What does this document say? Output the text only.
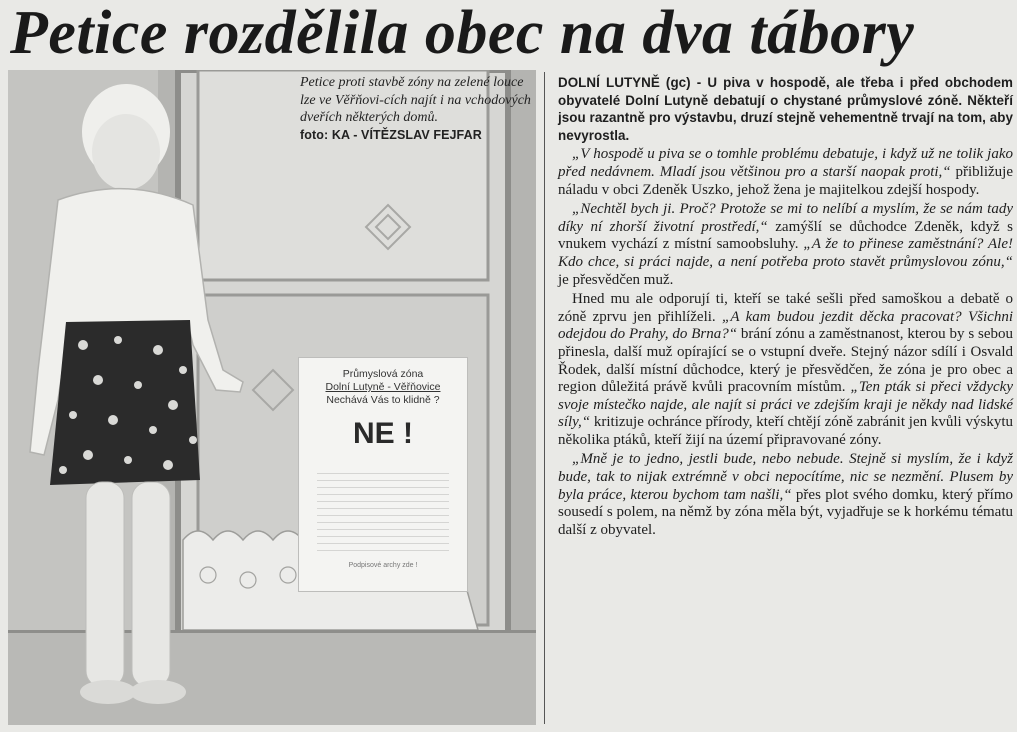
Petice rozdělila obec na dva tábory
Průmyslová zóna
Dolní Lutyně - Věřňovice
Nechává Vás to klidně ?
NE !
Podpisové archy zde !
Petice proti stavbě zóny na zelené louce lze ve Věřňovi-cích najít i na vchodových dveřích některých domů.
foto: KA - VÍTĚZSLAV FEJFAR

DOLNÍ LUTYNĚ (gc) - U piva v hospodě, ale třeba i před obchodem obyvatelé Dolní Lutyně debatují o chystané průmyslové zóně. Někteří jsou razantně pro výstavbu, druzí stejně vehementně trvají na tom, aby nevyrostla.

„V hospodě u piva se o tomhle problému debatuje, i když už ne tolik jako před nedávnem. Mladí jsou většinou pro a starší naopak proti,“ přibližuje náladu v obci Zdeněk Uszko, jehož žena je majitelkou zdejší hospody.

„Nechtěl bych ji. Proč? Protože se mi to nelíbí a myslím, že se nám tady díky ní zhorší životní prostředí,“ zamýšlí se důchodce Zdeněk, když s vnukem vychází z místní samoobsluhy. „A že to přinese zaměstnání? Ale! Kdo chce, si práci najde, a není potřeba proto stavět průmyslovou zónu,“ je přesvědčen muž.

Hned mu ale odporují ti, kteří se také sešli před samoškou a debatě o zóně zprvu jen přihlíželi. „A kam budou jezdit děcka pracovat? Všichni odejdou do Prahy, do Brna?“ brání zónu a zaměstnanost, kterou by s sebou přinesla, další muž opírající se o vstupní dveře. Stejný názor sdílí i Osvald Řodek, další místní důchodce, který je přesvědčen, že zóna je pro obec a region důležitá právě kvůli pracovním místům. „Ten pták si přeci vždycky svoje místečko najde, ale najít si práci ve zdejším kraji je někdy nad lidské síly,“ kritizuje ochránce přírody, kteří chtějí zóně zabránit jen kvůli výskytu několika ptáků, kteří žijí na území připravované zóny.

„Mně je to jedno, jestli bude, nebo nebude. Stejně si myslím, že i když bude, tak to nijak extrémně v obci nepocítíme, nic se nezmění. Plusem by byla práce, kterou bychom tam našli,“ přes plot svého domku, který přímo sousedí s polem, na němž by zóna měla být, vyjadřuje se k horkému tématu další z obyvatel.
